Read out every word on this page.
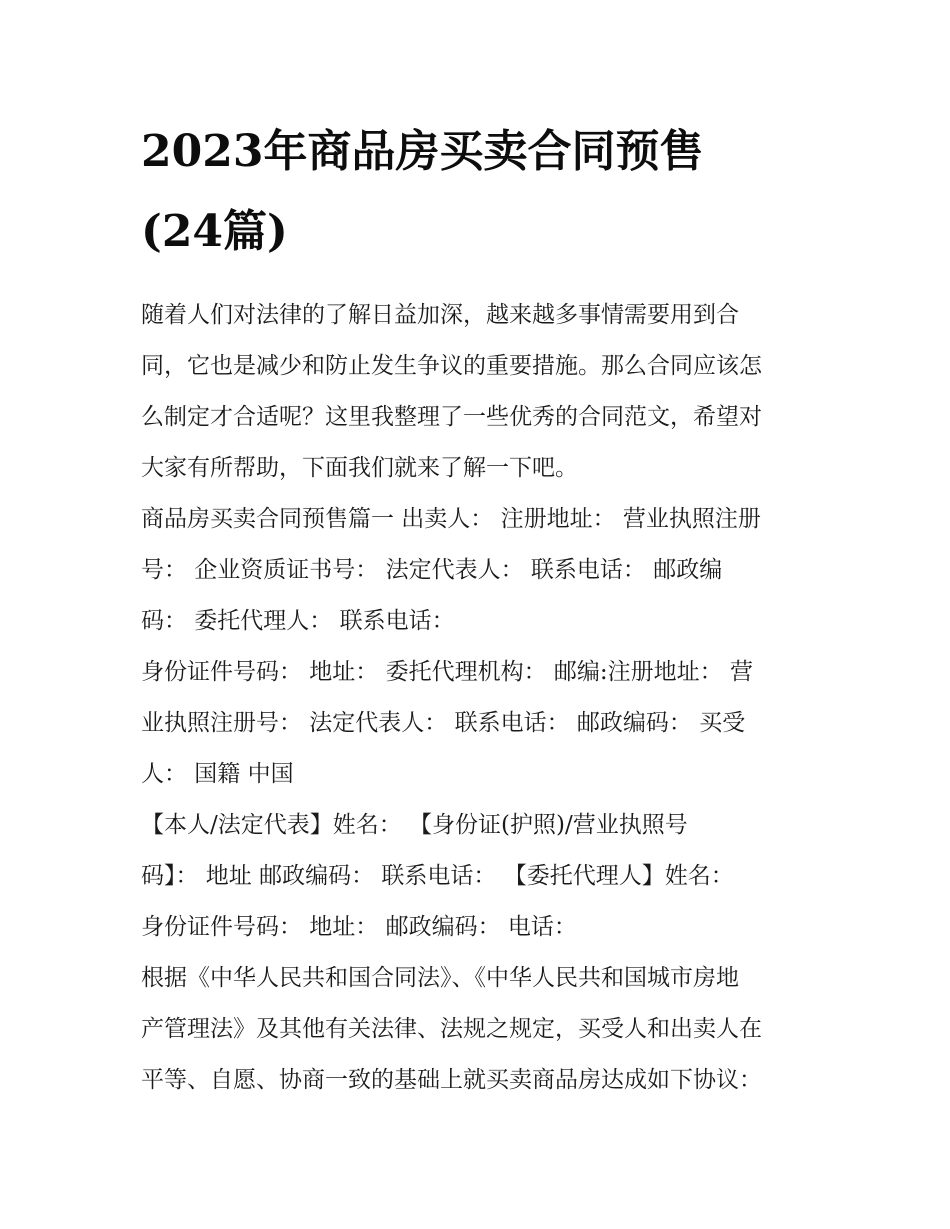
2023年商品房买卖合同预售
(24篇)

随着人们对法律的了解日益加深，越来越多事情需要用到合
同，它也是减少和防止发生争议的重要措施。那么合同应该怎
么制定才合适呢？这里我整理了一些优秀的合同范文，希望对
大家有所帮助，下面我们就来了解一下吧。

商品房买卖合同预售篇一 出卖人： 注册地址： 营业执照注册
号： 企业资质证书号： 法定代表人： 联系电话： 邮政编
码： 委托代理人： 联系电话：

身份证件号码： 地址： 委托代理机构： 邮编:注册地址： 营
业执照注册号： 法定代表人： 联系电话： 邮政编码： 买受
人： 国籍 中国

【本人/法定代表】姓名： 【身份证(护照)/营业执照号
码】： 地址 邮政编码： 联系电话： 【委托代理人】姓名：
身份证件号码： 地址： 邮政编码： 电话：

根据《中华人民共和国合同法》、《中华人民共和国城市房地
产管理法》及其他有关法律、法规之规定，买受人和出卖人在
平等、自愿、协商一致的基础上就买卖商品房达成如下协议：
